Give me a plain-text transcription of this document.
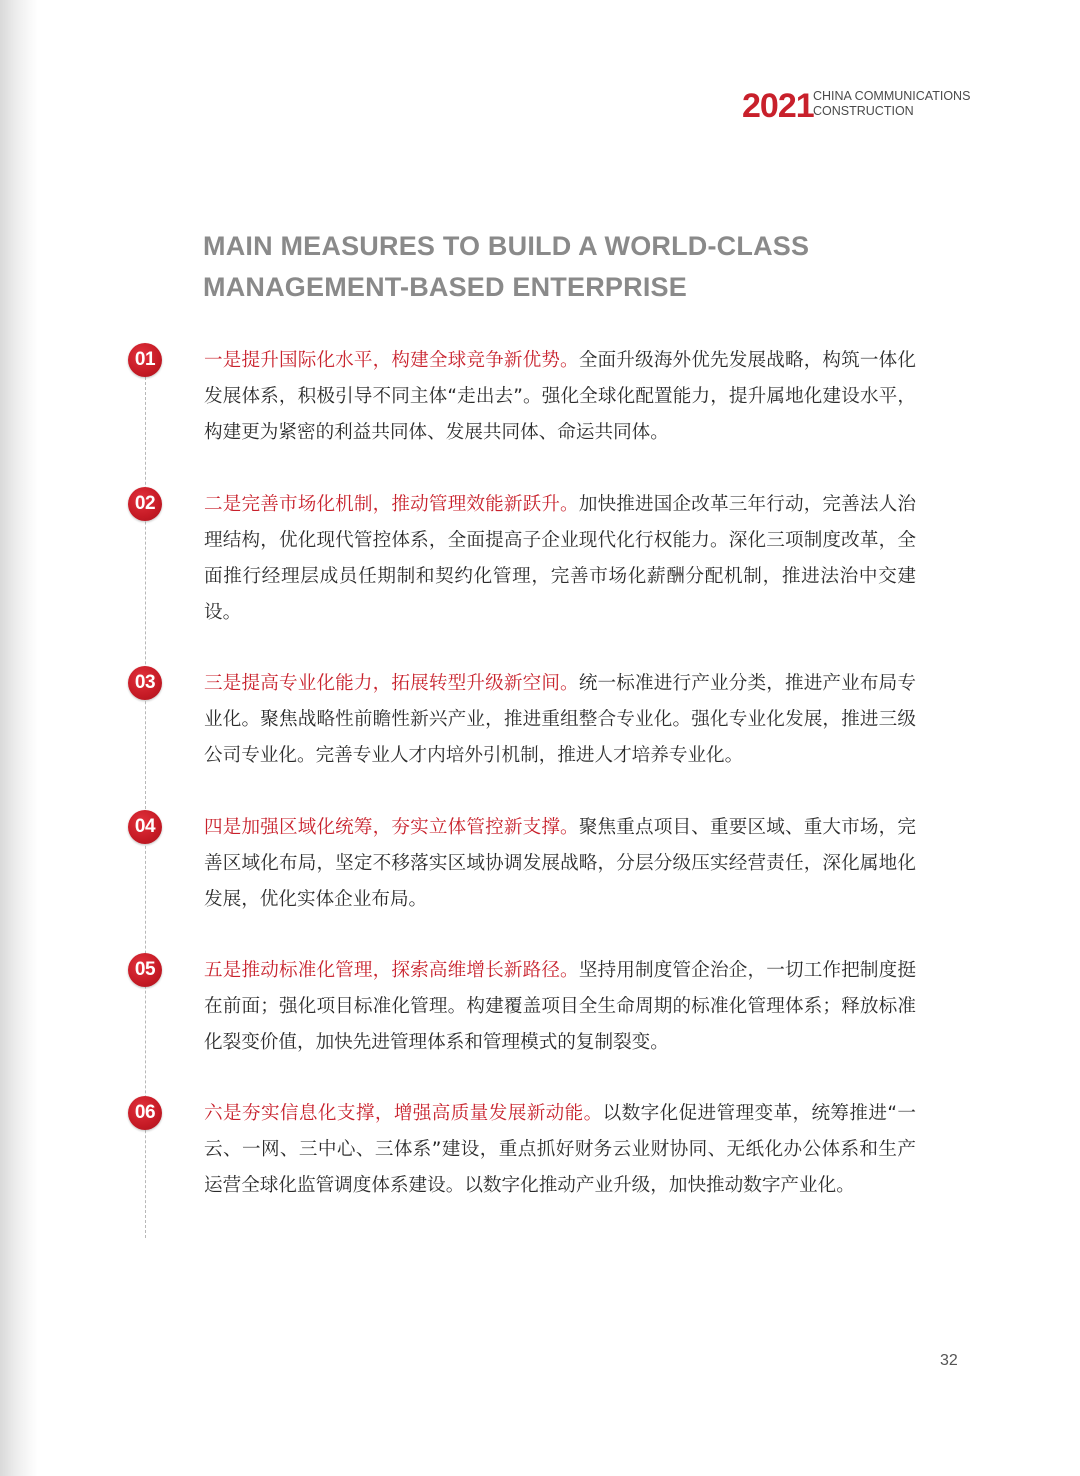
2021 CHINA COMMUNICATIONS
CONSTRUCTION
MAIN MEASURES TO BUILD A WORLD-CLASS
MANAGEMENT-BASED ENTERPRISE
01	一是提升国际化水平，构建全球竞争新优势。全面升级海外优先发展战略，构筑一体化发展体系，积极引导不同主体“走出去”。强化全球化配置能力，提升属地化建设水平，构建更为紧密的利益共同体、发展共同体、命运共同体。
02	二是完善市场化机制，推动管理效能新跃升。加快推进国企改革三年行动，完善法人治理结构，优化现代管控体系，全面提高子企业现代化行权能力。深化三项制度改革，全面推行经理层成员任期制和契约化管理，完善市场化薪酬分配机制，推进法治中交建设。
03	三是提高专业化能力，拓展转型升级新空间。统一标准进行产业分类，推进产业布局专业化。聚焦战略性前瞻性新兴产业，推进重组整合专业化。强化专业化发展，推进三级公司专业化。完善专业人才内培外引机制，推进人才培养专业化。
04	四是加强区域化统筹，夯实立体管控新支撑。聚焦重点项目、重要区域、重大市场，完善区域化布局，坚定不移落实区域协调发展战略，分层分级压实经营责任，深化属地化发展，优化实体企业布局。
05	五是推动标准化管理，探索高维增长新路径。坚持用制度管企治企，一切工作把制度挺在前面；强化项目标准化管理。构建覆盖项目全生命周期的标准化管理体系；释放标准化裂变价值，加快先进管理体系和管理模式的复制裂变。
06	六是夯实信息化支撑，增强高质量发展新动能。以数字化促进管理变革，统筹推进“一云、一网、三中心、三体系”建设，重点抓好财务云业财协同、无纸化办公体系和生产运营全球化监管调度体系建设。以数字化推动产业升级，加快推动数字产业化。
32
